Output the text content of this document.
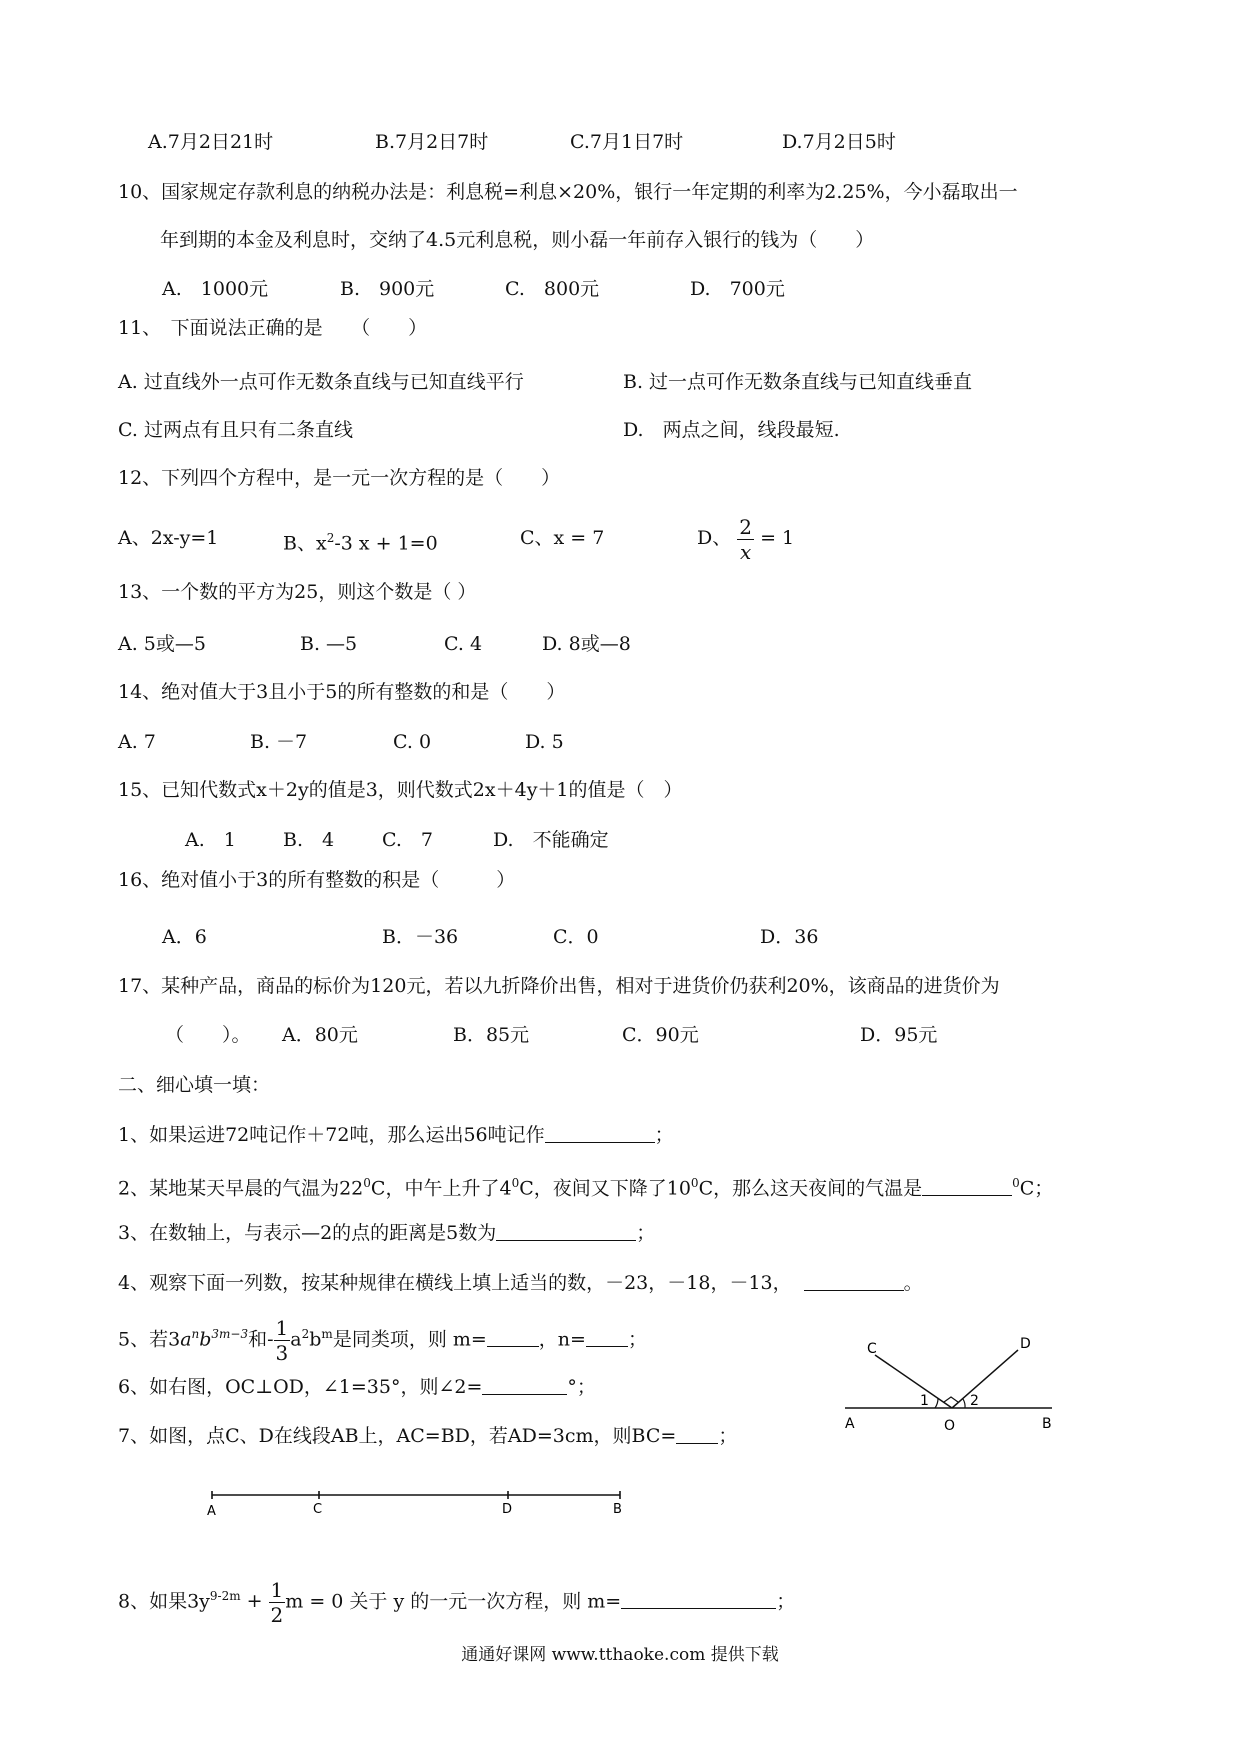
A.7月2日21时	B.7月2日7时	C.7月1日7时	D.7月2日5时
10、国家规定存款利息的纳税办法是：利息税=利息×20%，银行一年定期的利率为2.25%，今小磊取出一
年到期的本金及利息时，交纳了4.5元利息税，则小磊一年前存入银行的钱为（　　）
A.　1000元	B.　900元	C.　800元	D.　700元
11、　下面说法正确的是　　（　　）
A. 过直线外一点可作无数条直线与已知直线平行	B. 过一点可作无数条直线与已知直线垂直
C. 过两点有且只有二条直线	D.　两点之间，线段最短.
12、下列四个方程中，是一元一次方程的是（　　）
A、2x-y=1	B、$x^2-3$ x + 1=0	C、x = 7	D、 $\frac{2}{x} = 1$
13、一个数的平方为25，则这个数是（ ）
A. 5或—5	B. —5	C. 4	D. 8或—8
14、绝对值大于3且小于5的所有整数的和是（　　）
A. 7	B. －7	C. 0	D. 5
15、已知代数式x＋2y的值是3，则代数式2x＋4y＋1的值是（　）
A.　1 B.　4	C.　7	D.　不能确定
16、绝对值小于3的所有整数的积是（　　　）
A．6	B．－36	C．0	D．36
17、某种产品，商品的标价为120元，若以九折降价出售，相对于进货价仍获利20%，该商品的进货价为
（　　）。 A．80元	B．85元	C．90元	D．95元
二、细心填一填：
1、如果运进72吨记作＋72吨，那么运出56吨记作	；
2、某地某天早晨的气温为$22^0C$，中午上升了$4^0C$，夜间又下降了$10^0C$，那么这天夜间的气温是	$^0$C；
3、在数轴上，与表示—2的点的距离是5数为	；
4、观察下面一列数，按某种规律在横线上填上适当的数，－23，－18，－13，	。
5、若$3a^nb^{3m-3}$和- $\frac{1}{3} a^2b^m$是同类项，则 m=	，n= ；
6、如右图，OC⊥OD，∠1=35°，则∠2=	°；
7、如图，点C、D在线段AB上，AC=BD，若AD=3cm，则BC= ；
C	D
A	O	B
1	2
A	C	D	B
8、如果$3y^{9-2m} + \frac{1}{2}$ m = 0 关于 y 的一元一次方程，则 m=	；
通通好课网 www.tthaoke.com 提供下载
